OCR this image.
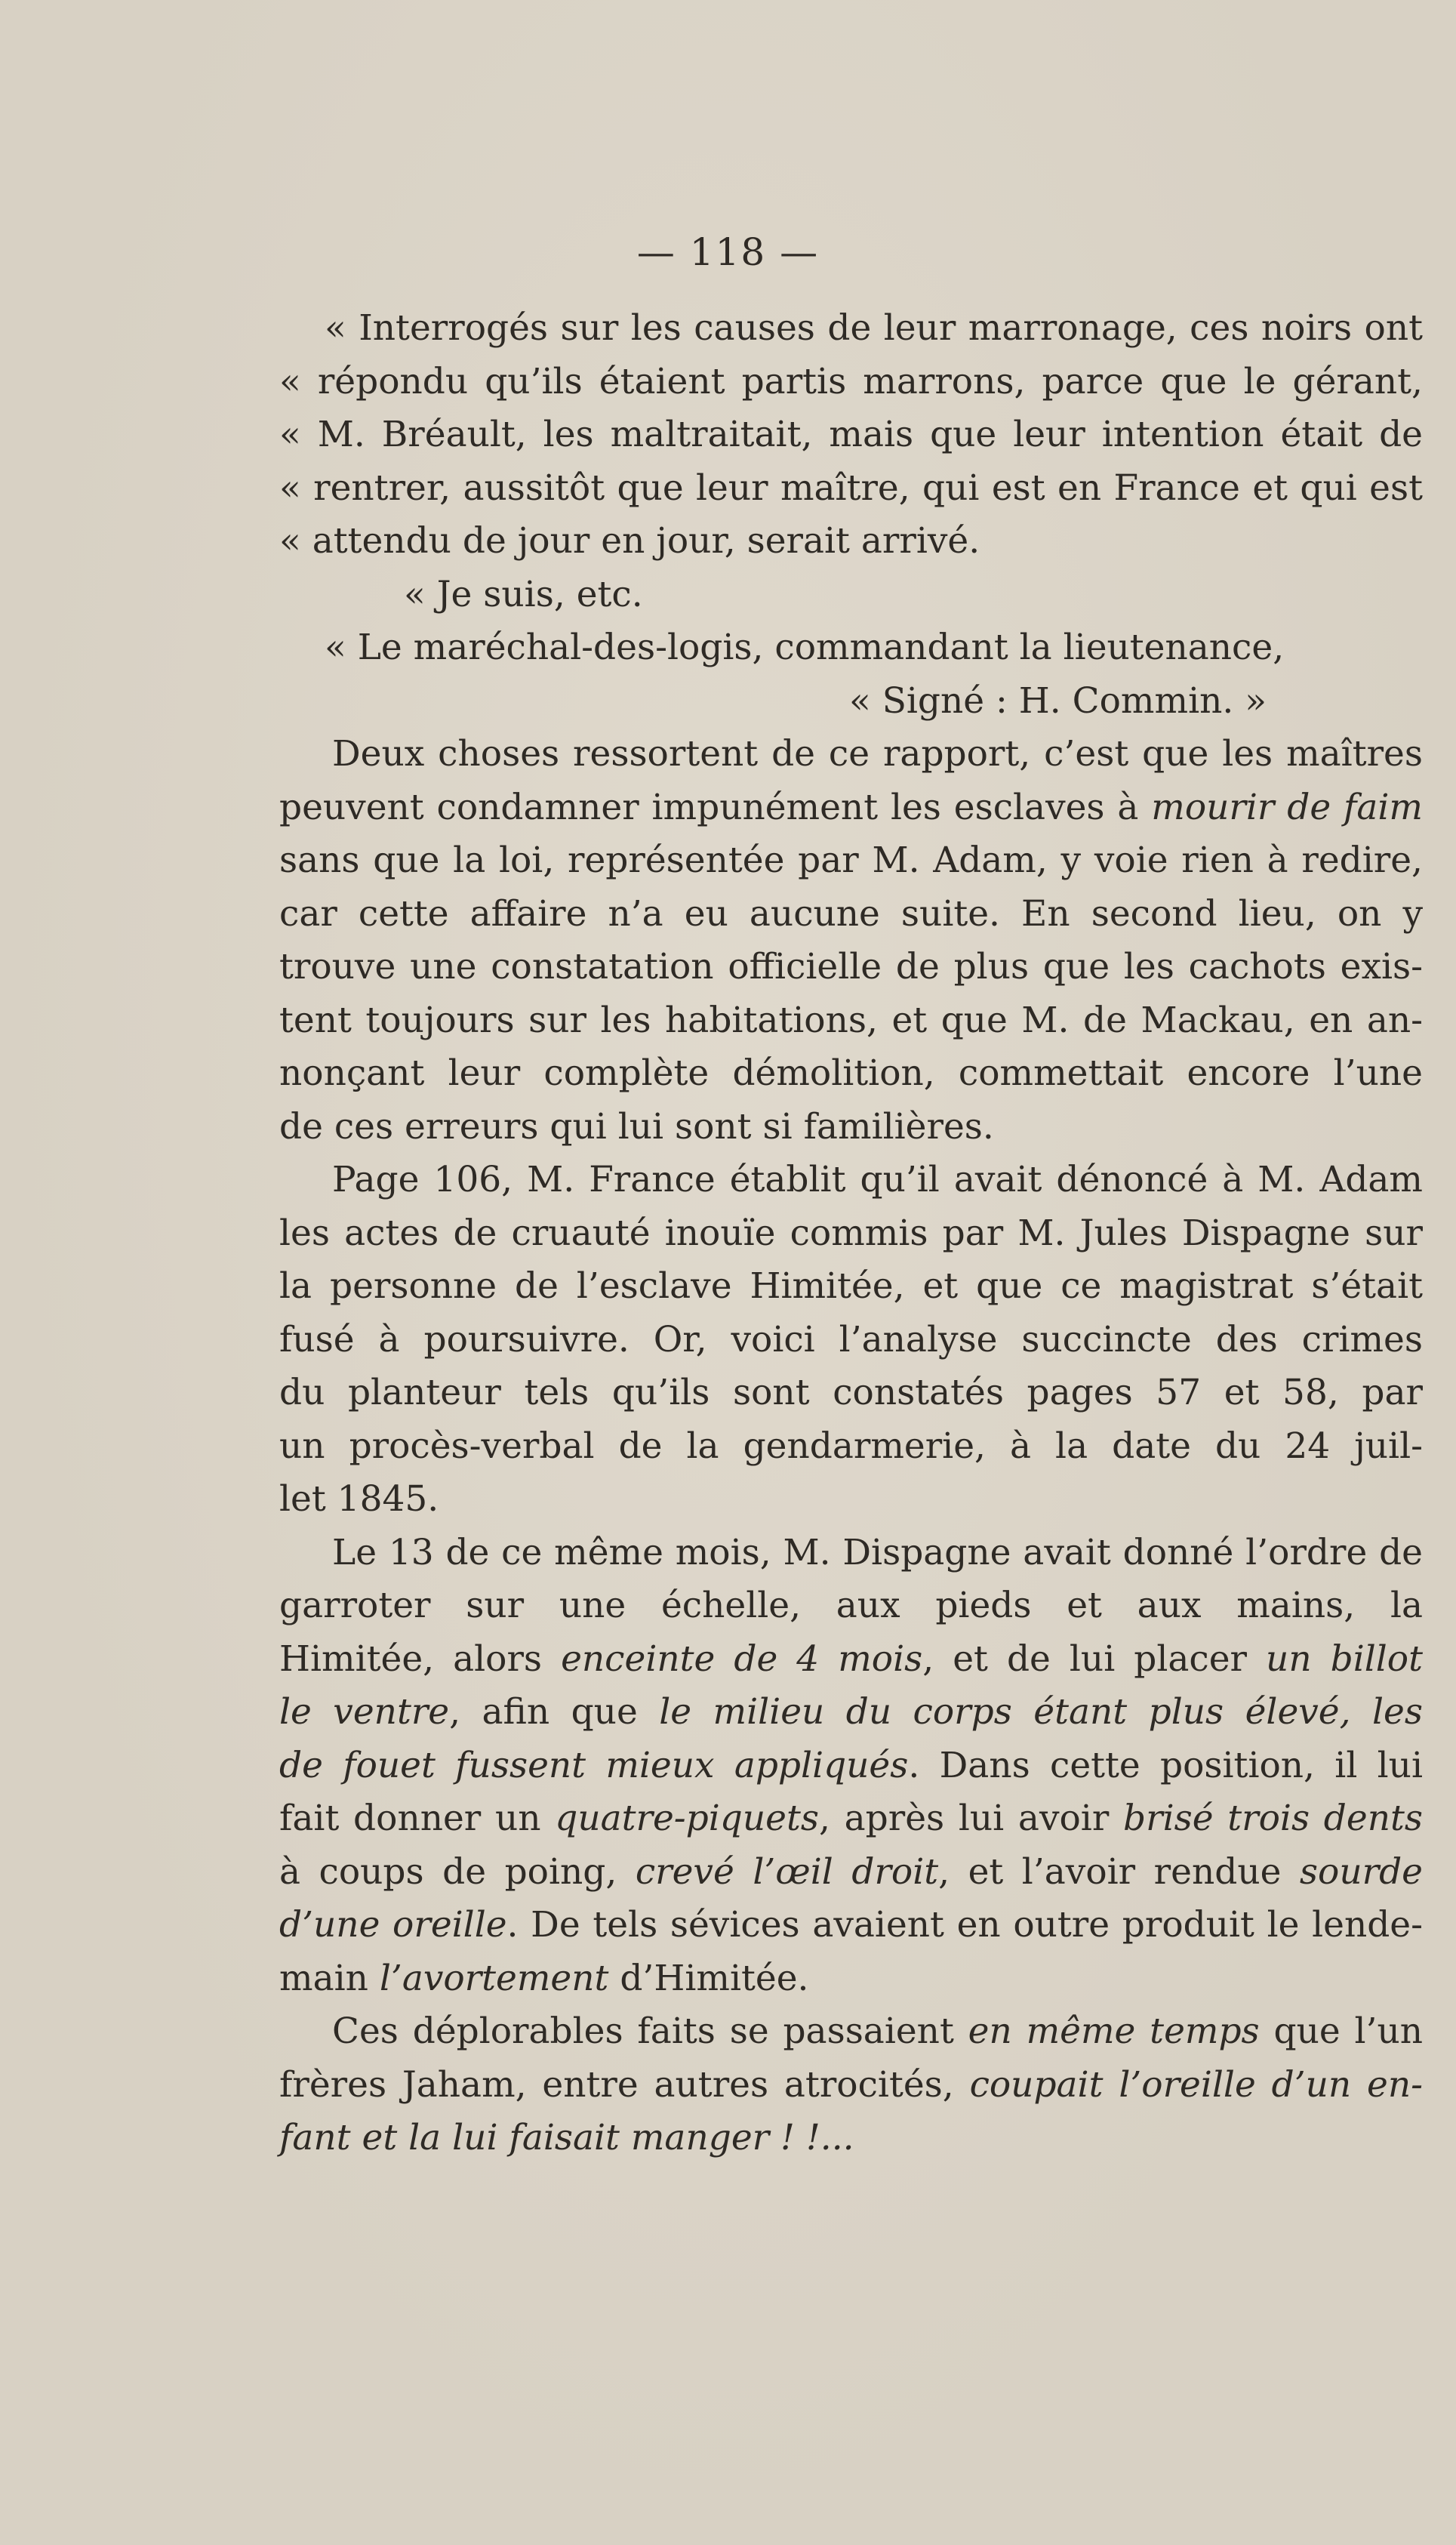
— 118 —
« Interrogés sur les causes de leur marronage, ces noirs ont
« répondu qu’ils étaient partis marrons, parce que le gérant,
« M. Bréault, les maltraitait, mais que leur intention était de
« rentrer, aussitôt que leur maître, qui est en France et qui est
« attendu de jour en jour, serait arrivé.
« Je suis, etc.
« Le maréchal-des-logis, commandant la lieutenance,
« Signé : H. Commin. »
Deux choses ressortent de ce rapport, c’est que les maîtres
peuvent condamner impunément les esclaves à mourir de faim
sans que la loi, représentée par M. Adam, y voie rien à redire,
car cette affaire n’a eu aucune suite. En second lieu, on y
trouve une constatation officielle de plus que les cachots exis-
tent toujours sur les habitations, et que M. de Mackau, en an-
nonçant leur complète démolition, commettait encore l’une
de ces erreurs qui lui sont si familières.
Page 106, M. France établit qu’il avait dénoncé à M. Adam
les actes de cruauté inouïe commis par M. Jules Dispagne sur
la personne de l’esclave Himitée, et que ce magistrat s’était
fusé à poursuivre. Or, voici l’analyse succincte des crimes
du planteur tels qu’ils sont constatés pages 57 et 58, par
un procès-verbal de la gendarmerie, à la date du 24 juil-
let 1845.
Le 13 de ce même mois, M. Dispagne avait donné l’ordre de
garroter sur une échelle, aux pieds et aux mains, la
Himitée, alors enceinte de 4 mois, et de lui placer un billot
le ventre, afin que le milieu du corps étant plus élevé, les
de fouet fussent mieux appliqués. Dans cette position, il lui
fait donner un quatre-piquets, après lui avoir brisé trois dents
à coups de poing, crevé l’œil droit, et l’avoir rendue sourde
d’une oreille. De tels sévices avaient en outre produit le lende-
main l’avortement d’Himitée.
Ces déplorables faits se passaient en même temps que l’un
frères Jaham, entre autres atrocités, coupait l’oreille d’un en-
fant et la lui faisait manger ! !...
